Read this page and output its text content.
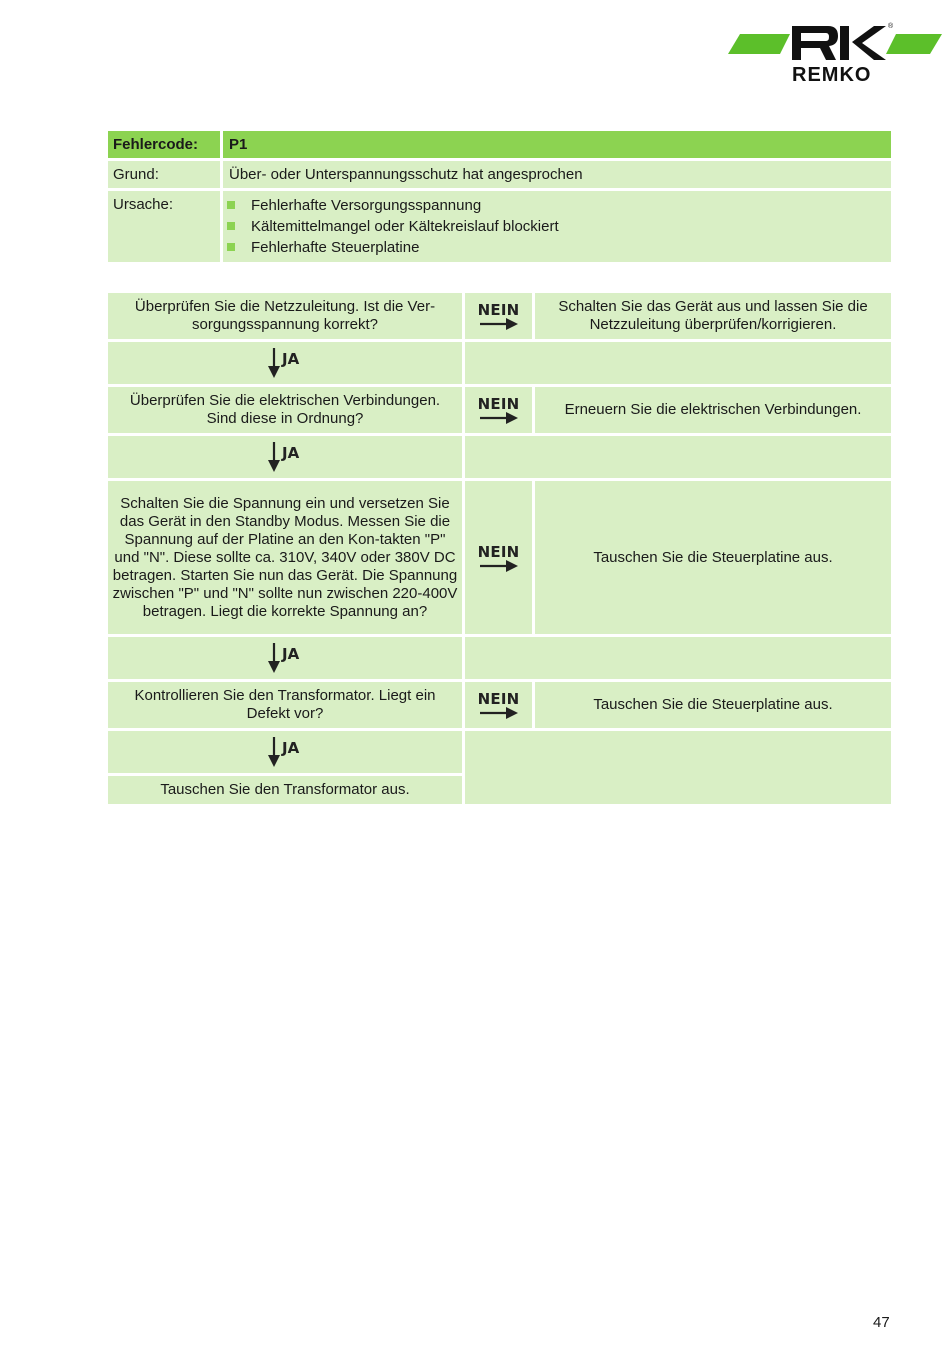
®
REMKO
Fehlercode:	P1
Grund:	Über- oder Unterspannungsschutz hat angesprochen
Ursache:	Fehlerhafte Versorgungsspannung
Kältemittelmangel oder Kältekreislauf blockiert
Fehlerhafte Steuerplatine
Überprüfen Sie die Netzzuleitung. Ist die Ver-sorgungsspannung korrekt?
NEIN	Schalten Sie das Gerät aus und lassen Sie die Netzzuleitung überprüfen/korrigieren.
JA
Überprüfen Sie die elektrischen Verbindungen. Sind diese in Ordnung?
NEIN	Erneuern Sie die elektrischen Verbindungen.
JA
Schalten Sie die Spannung ein und versetzen Sie das Gerät in den Standby Modus. Messen Sie die Spannung auf der Platine an den Kon-takten "P" und "N". Diese sollte ca. 310V, 340V oder 380V DC betragen. Starten Sie nun das Gerät. Die Spannung zwischen "P" und "N" sollte nun zwischen 220-400V betragen. Liegt die korrekte Spannung an?
NEIN	Tauschen Sie die Steuerplatine aus.
JA
Kontrollieren Sie den Transformator. Liegt ein Defekt vor?
NEIN	Tauschen Sie die Steuerplatine aus.
JA
Tauschen Sie den Transformator aus.
47
